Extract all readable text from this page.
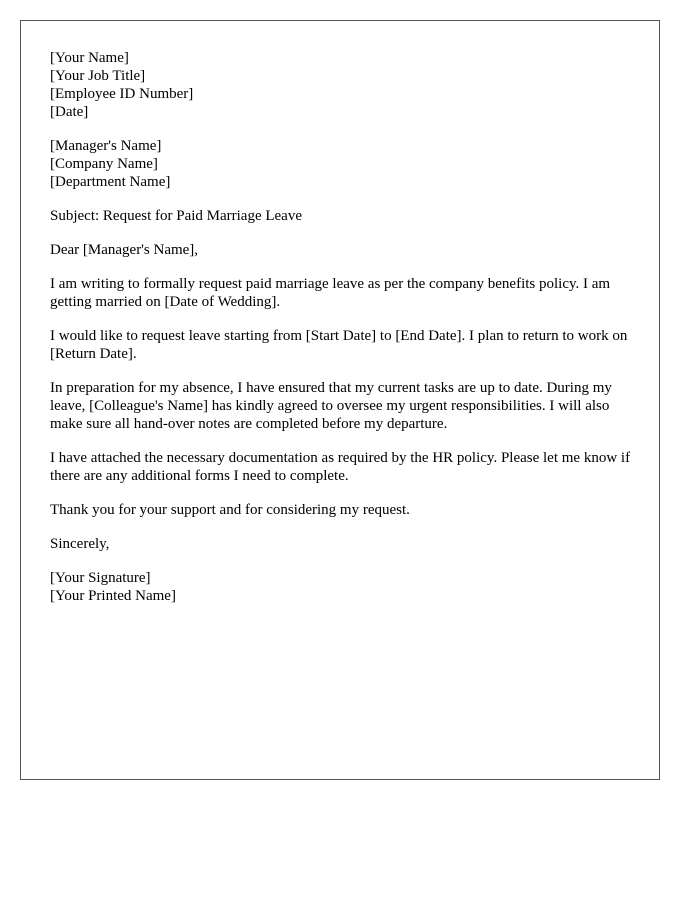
[Your Name]
[Your Job Title]
[Employee ID Number]
[Date]
[Manager's Name]
[Company Name]
[Department Name]

Subject: Request for Paid Marriage Leave

Dear [Manager's Name],

I am writing to formally request paid marriage leave as per the company benefits policy. I am getting married on [Date of Wedding].

I would like to request leave starting from [Start Date] to [End Date]. I plan to return to work on [Return Date].

In preparation for my absence, I have ensured that my current tasks are up to date. During my leave, [Colleague's Name] has kindly agreed to oversee my urgent responsibilities. I will also make sure all hand-over notes are completed before my departure.

I have attached the necessary documentation as required by the HR policy. Please let me know if there are any additional forms I need to complete.

Thank you for your support and for considering my request.

Sincerely,

[Your Signature]
[Your Printed Name]
